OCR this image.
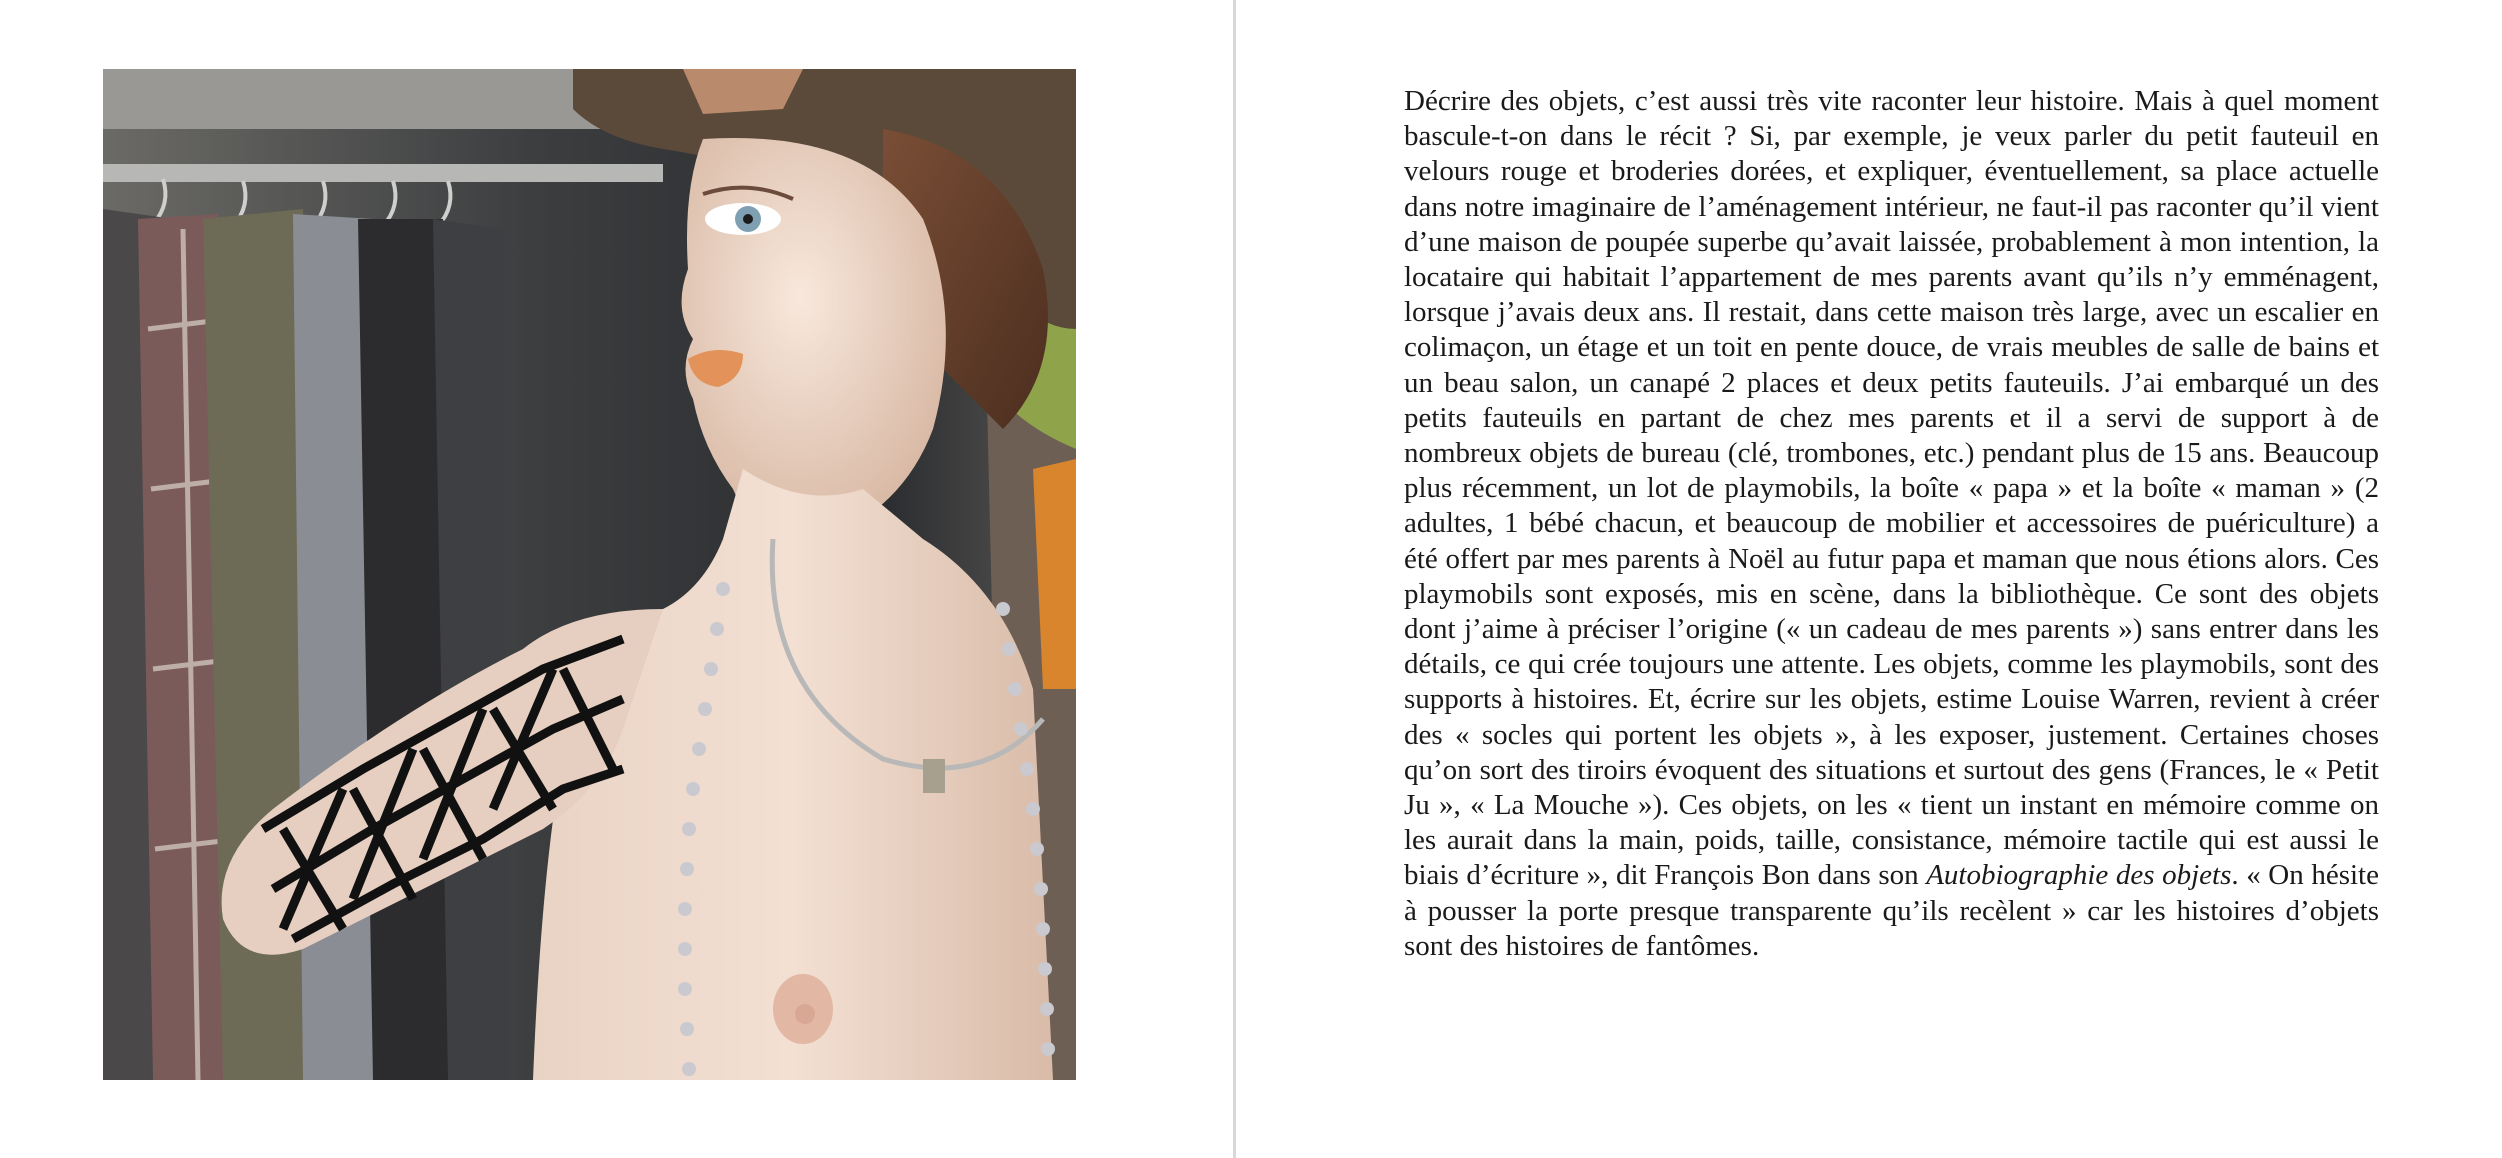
Décrire des objets, c’est aussi très vite raconter leur histoire. Mais à quel moment bascule-t-on dans le récit ? Si, par exemple, je veux parler du petit fauteuil en velours rouge et broderies dorées, et expliquer, éventuellement, sa place actuelle dans notre imaginaire de l’aménagement intérieur, ne faut-il pas raconter qu’il vient d’une maison de poupée superbe qu’avait laissée, probablement à mon intention, la locataire qui habitait l’appartement de mes parents avant qu’ils n’y emménagent, lorsque j’avais deux ans. Il restait, dans cette maison très large, avec un escalier en colimaçon, un étage et un toit en pente douce, de vrais meubles de salle de bains et un beau salon, un canapé 2 places et deux petits fauteuils. J’ai embarqué un des petits fauteuils en partant de chez mes parents et il a servi de support à de nombreux objets de bureau (clé, trombones, etc.) pendant plus de 15 ans. Beaucoup plus récemment, un lot de playmobils, la boîte « papa » et la boîte « maman » (2 adultes, 1 bébé chacun, et beaucoup de mobilier et accessoires de puériculture) a été offert par mes parents à Noël au futur papa et maman que nous étions alors. Ces playmobils sont exposés, mis en scène, dans la bibliothèque. Ce sont des objets dont j’aime à préciser l’origine (« un cadeau de mes parents ») sans entrer dans les détails, ce qui crée toujours une attente. Les objets, comme les playmobils, sont des supports à histoires. Et, écrire sur les objets, estime Louise Warren, revient à créer des « socles qui portent les objets », à les exposer, justement. Certaines choses qu’on sort des tiroirs évoquent des situations et surtout des gens (Frances, le « Petit Ju », « La Mouche »). Ces objets, on les « tient un instant en mémoire comme on les aurait dans la main, poids, taille, consistance, mémoire tactile qui est aussi le biais d’écriture », dit François Bon dans son Autobiographie des objets. « On hésite à pousser la porte presque transparente qu’ils recèlent » car les histoires d’objets sont des histoires de fantômes.
